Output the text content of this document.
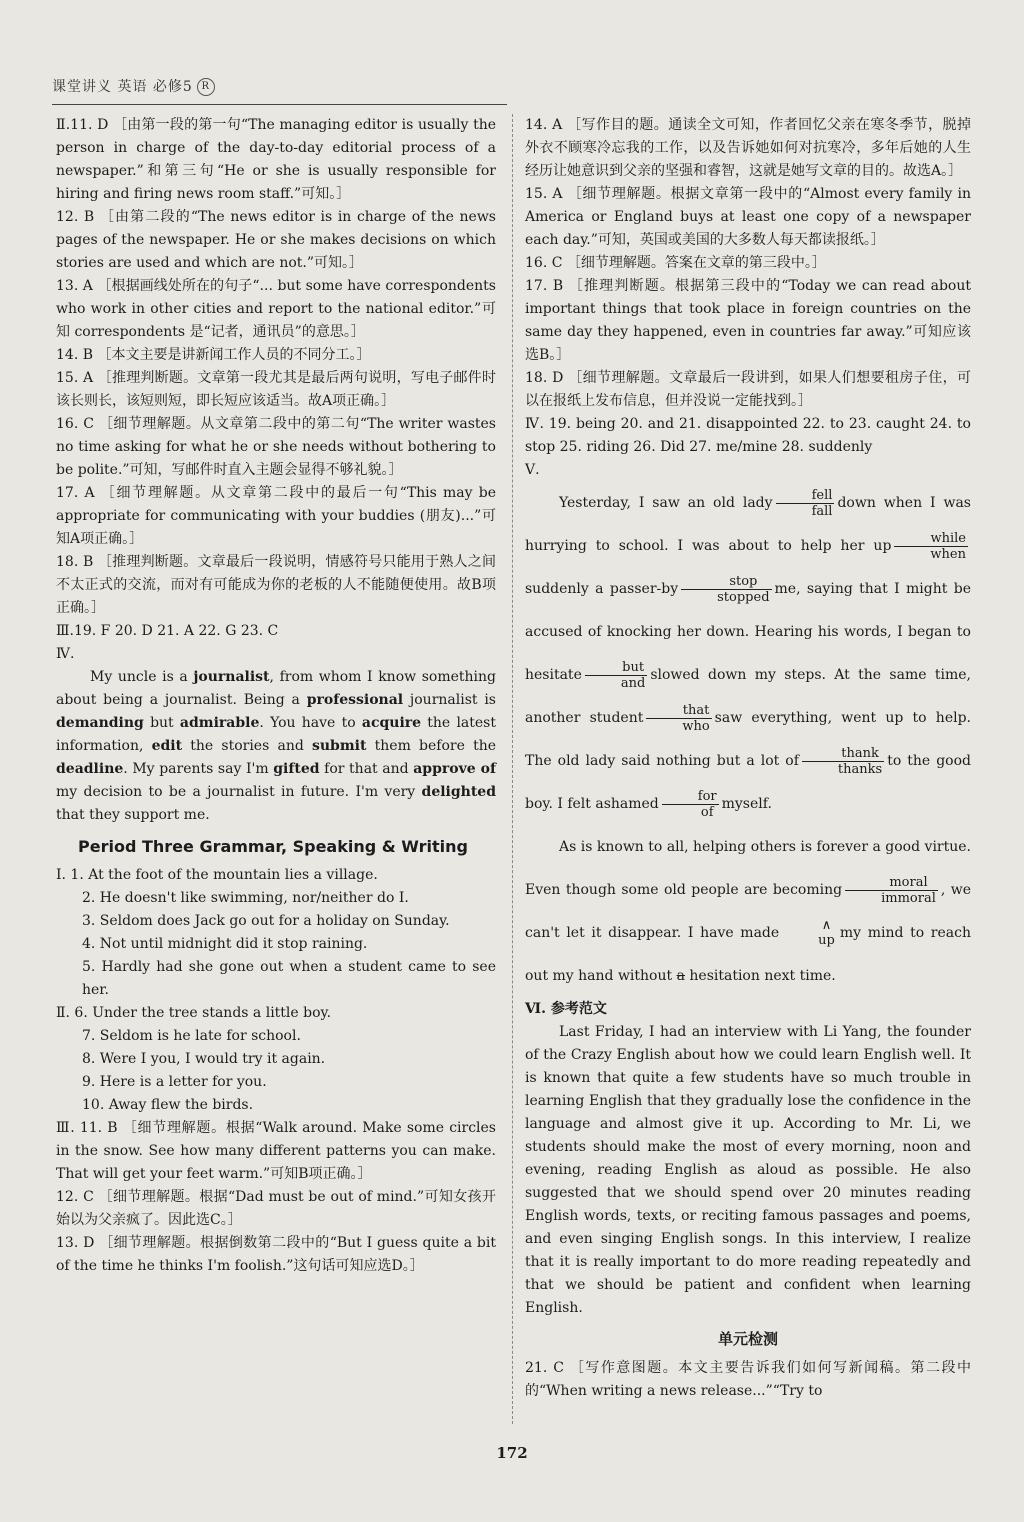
课堂讲义 英语 必修5 R

Ⅱ.11. D ［由第一段的第一句“The managing editor is usually the person in charge of the day-to-day editorial process of a newspaper.”和第三句“He or she is usually responsible for hiring and firing news room staff.”可知。］

12. B ［由第二段的“The news editor is in charge of the news pages of the newspaper. He or she makes decisions on which stories are used and which are not.”可知。］

13. A ［根据画线处所在的句子“... but some have correspondents who work in other cities and report to the national editor.”可知 correspondents 是“记者，通讯员”的意思。］

14. B ［本文主要是讲新闻工作人员的不同分工。］

15. A ［推理判断题。文章第一段尤其是最后两句说明，写电子邮件时该长则长，该短则短，即长短应该适当。故A项正确。］

16. C ［细节理解题。从文章第二段中的第二句“The writer wastes no time asking for what he or she needs without bothering to be polite.”可知，写邮件时直入主题会显得不够礼貌。］

17. A ［细节理解题。从文章第二段中的最后一句“This may be appropriate for communicating with your buddies (朋友)...”可知A项正确。］

18. B ［推理判断题。文章最后一段说明，情感符号只能用于熟人之间不太正式的交流，而对有可能成为你的老板的人不能随便使用。故B项正确。］

Ⅲ.19. F 20. D 21. A 22. G 23. C

Ⅳ.

My uncle is a journalist, from whom I know something about being a journalist. Being a professional journalist is demanding but admirable. You have to acquire the latest information, edit the stories and submit them before the deadline. My parents say I'm gifted for that and approve of my decision to be a journalist in future. I'm very delighted that they support me.

Period Three Grammar, Speaking & Writing

Ⅰ. 1. At the foot of the mountain lies a village.

2. He doesn't like swimming, nor/neither do I.

3. Seldom does Jack go out for a holiday on Sunday.

4. Not until midnight did it stop raining.

5. Hardly had she gone out when a student came to see her.

Ⅱ. 6. Under the tree stands a little boy.

7. Seldom is he late for school.

8. Were I you, I would try it again.

9. Here is a letter for you.

10. Away flew the birds.

Ⅲ. 11. B ［细节理解题。根据“Walk around. Make some circles in the snow. See how many different patterns you can make. That will get your feet warm.”可知B项正确。］

12. C ［细节理解题。根据“Dad must be out of mind.”可知女孩开始以为父亲疯了。因此选C。］

13. D ［细节理解题。根据倒数第二段中的“But I guess quite a bit of the time he thinks I'm foolish.”这句话可知应选D。］

14. A ［写作目的题。通读全文可知，作者回忆父亲在寒冬季节，脱掉外衣不顾寒冷忘我的工作，以及告诉她如何对抗寒冷，多年后她的人生经历让她意识到父亲的坚强和睿智，这就是她写文章的目的。故选A。］

15. A ［细节理解题。根据文章第一段中的“Almost every family in America or England buys at least one copy of a newspaper each day.”可知，英国或美国的大多数人每天都读报纸。］

16. C ［细节理解题。答案在文章的第三段中。］

17. B ［推理判断题。根据第三段中的“Today we can read about important things that took place in foreign countries on the same day they happened, even in countries far away.”可知应该选B。］

18. D ［细节理解题。文章最后一段讲到，如果人们想要租房子住，可以在报纸上发布信息，但并没说一定能找到。］

Ⅳ. 19. being 20. and 21. disappointed 22. to 23. caught 24. to stop 25. riding 26. Did 27. me/mine 28. suddenly

Ⅴ.

Yesterday, I saw an old lady	fell
fall down when I was hurrying to school. I was about to help her up	while
when
suddenly a passer-by	stop
stopped me, saying that I might be accused of knocking her down. Hearing his words, I began to hesitate	but
and slowed down my steps. At the same time, another student	that
who saw everything, went up to help. The old lady said nothing but a lot of	thank
thanks to the good boy. I felt ashamed	for
of myself.

As is known to all, helping others is forever a good virtue. Even though some old people are becoming	moral
immoral , we can't let it disappear. I have made	∧
up my mind to reach out my hand without a hesitation next time.

Ⅵ. 参考范文

Last Friday, I had an interview with Li Yang, the founder of the Crazy English about how we could learn English well. It is known that quite a few students have so much trouble in learning English that they gradually lose the confidence in the language and almost give it up. According to Mr. Li, we students should make the most of every morning, noon and evening, reading English as aloud as possible. He also suggested that we should spend over 20 minutes reading English words, texts, or reciting famous passages and poems, and even singing English songs. In this interview, I realize that it is really important to do more reading repeatedly and that we should be patient and confident when learning English.

单元检测

21. C ［写作意图题。本文主要告诉我们如何写新闻稿。第二段中的“When writing a news release...”“Try to

172
